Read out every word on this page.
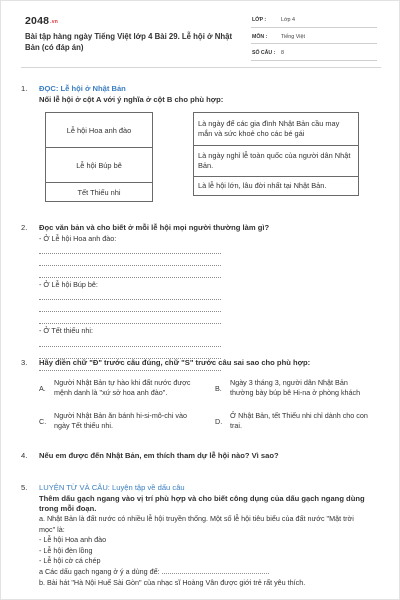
2048.vn
Bài tập hàng ngày Tiếng Việt lớp 4 Bài 29. Lễ hội ở Nhật Bản (có đáp án)
LỚP :	Lớp 4
MÔN :	Tiếng Việt
SỐ CÂU : 8
1. ĐỌC: Lễ hội ở Nhật Bản
Nối lễ hội ở cột A với ý nghĩa ở cột B cho phù hợp:
Lễ hội Hoa anh đào
Lễ hội Búp bê
Tết Thiếu nhi
Là ngày để các gia đình Nhật Bản cầu may mắn và sức khoẻ cho các bé gái
Là ngày nghỉ lễ toàn quốc của người dân Nhật Bản.
Là lễ hội lớn, lâu đời nhất tại Nhật Bản.
2. Đọc văn bản và cho biết ở mỗi lễ hội mọi người thường làm gì?
- Ở Lễ hội Hoa anh đào:
- Ở Lễ hội Búp bê:
- Ở Tết thiếu nhi:
3. Hãy điền chữ "Đ" trước câu đúng, chữ "S" trước câu sai sao cho phù hợp:
A.
Người Nhật Bản tự hào khi đất nước được mệnh danh là "xứ sở hoa anh đào".	B.
Ngày 3 tháng 3, người dân Nhật Bản thường bày búp bê Hi-na ở phòng khách
C.
Người Nhật Bản ăn bánh hi-si-mô-chi vào ngày Tết thiếu nhi.	D.
Ở Nhật Bản, tết Thiếu nhi chỉ dành cho con trai.
4. Nếu em được đến Nhật Bản, em thích tham dự lễ hội nào? Vì sao?
5. LUYỆN TỪ VÀ CÂU: Luyện tập về dấu câu
Thêm dấu gạch ngang vào vị trí phù hợp và cho biết công dụng của dấu gạch ngang dùng trong mỗi đoạn.
a. Nhật Bản là đất nước có nhiều lễ hội truyền thống. Một số lễ hội tiêu biểu của đất nước "Mặt trời mọc" là:
- Lễ hội Hoa anh đào
- Lễ hội đèn lồng
- Lễ hội cờ cá chép
a Các dấu gạch ngang ở ý a dùng để: ......................................................
b. Bài hát "Hà Nội Huế Sài Gòn" của nhạc sĩ Hoàng Vân được giới trẻ rất yêu thích.
